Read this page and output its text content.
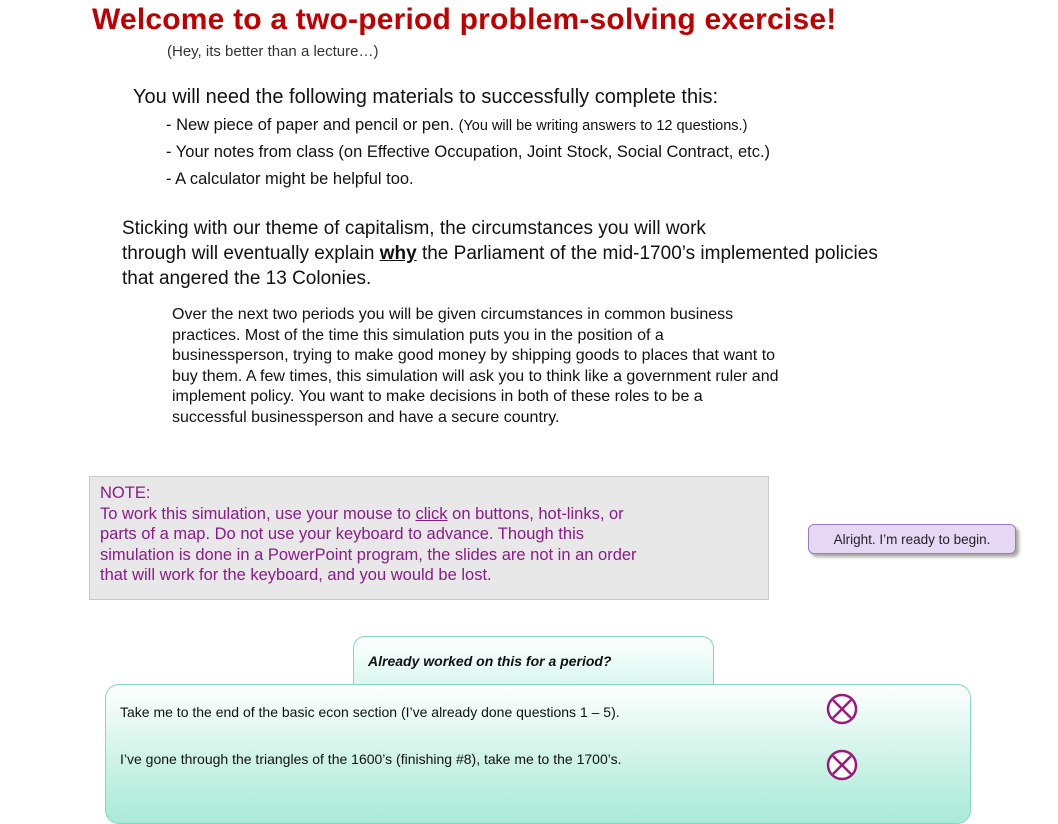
Welcome to a two-period problem-solving exercise!
(Hey, its better than a lecture…)
You will need the following materials to successfully complete this:
- New piece of paper and pencil or pen. (You will be writing answers to 12 questions.)
- Your notes from class (on Effective Occupation, Joint Stock, Social Contract, etc.)
- A calculator might be helpful too.
Sticking with our theme of capitalism, the circumstances you will work
through will eventually explain why the Parliament of the mid-1700’s implemented policies
that angered the 13 Colonies.
Over the next two periods you will be given circumstances in common business
practices. Most of the time this simulation puts you in the position of a
businessperson, trying to make good money by shipping goods to places that want to
buy them. A few times, this simulation will ask you to think like a government ruler and
implement policy. You want to make decisions in both of these roles to be a
successful businessperson and have a secure country.
NOTE:
To work this simulation, use your mouse to click on buttons, hot-links, or
parts of a map. Do not use your keyboard to advance. Though this
simulation is done in a PowerPoint program, the slides are not in an order
that will work for the keyboard, and you would be lost.
Alright. I’m ready to begin.
Already worked on this for a period?
Take me to the end of the basic econ section (I’ve already done questions 1 – 5).
I’ve gone through the triangles of the 1600’s (finishing #8), take me to the 1700’s.
